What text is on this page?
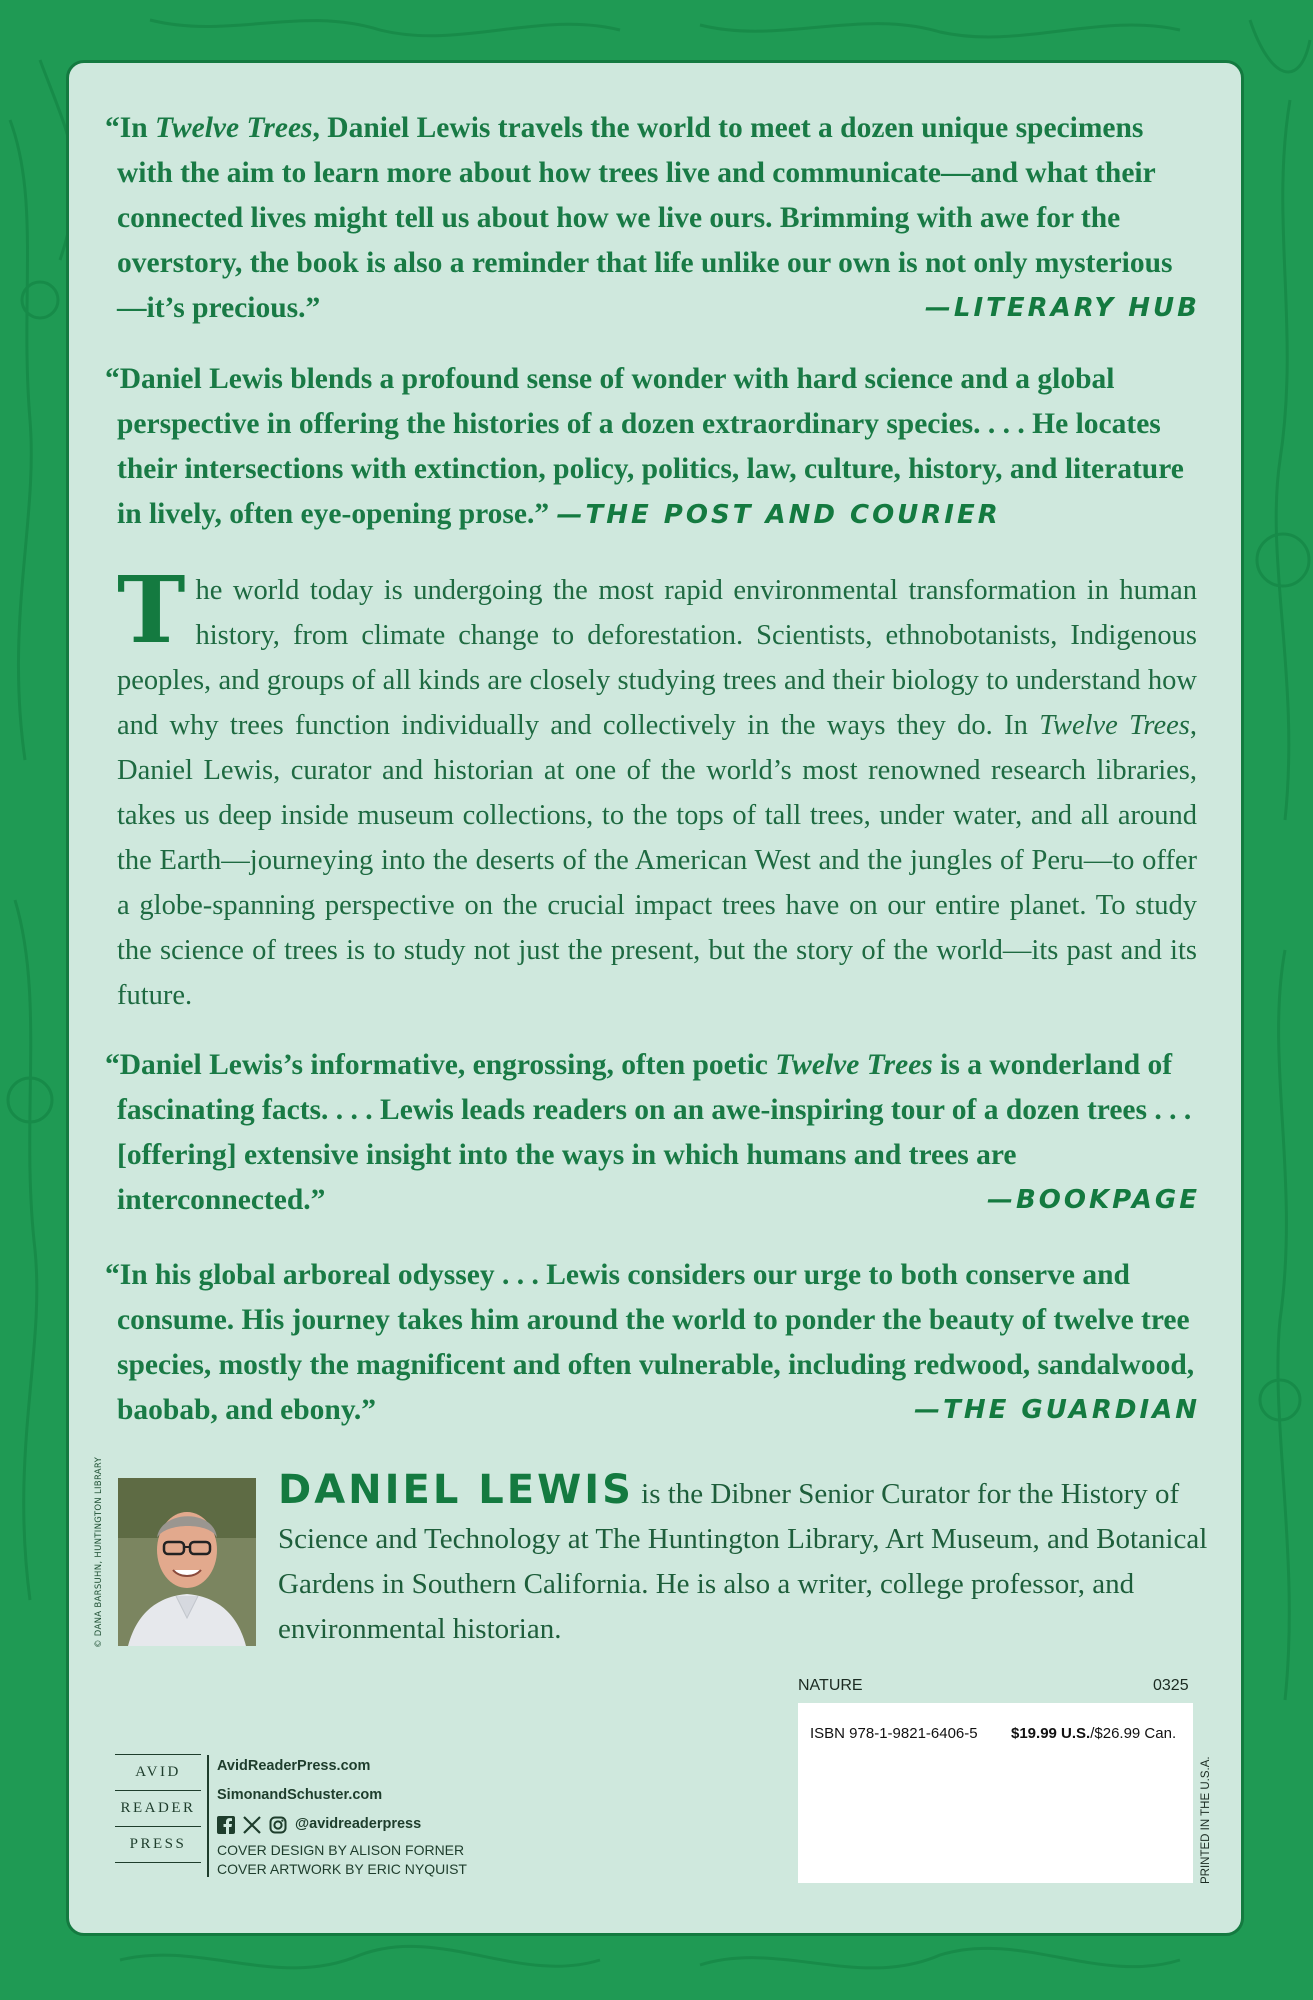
“In Twelve Trees, Daniel Lewis travels the world to meet a dozen unique specimens with the aim to learn more about how trees live and communicate—and what their connected lives might tell us about how we live ours. Brimming with awe for the overstory, the book is also a reminder that life unlike our own is not only mysterious—it’s precious.”	—LITERARY HUB
“Daniel Lewis blends a profound sense of wonder with hard science and a global perspective in offering the histories of a dozen extraordinary species. . . . He locates their intersections with extinction, policy, politics, law, culture, history, and literature in lively, often eye-opening prose.” —THE POST AND COURIER
The world today is undergoing the most rapid environmental transformation in human history, from climate change to deforestation. Scientists, ethnobotanists, Indigenous peoples, and groups of all kinds are closely studying trees and their biology to understand how and why trees function individually and collectively in the ways they do. In Twelve Trees, Daniel Lewis, curator and historian at one of the world’s most renowned research libraries, takes us deep inside museum collections, to the tops of tall trees, under water, and all around the Earth—journeying into the deserts of the American West and the jungles of Peru—to offer a globe-spanning perspective on the crucial impact trees have on our entire planet. To study the science of trees is to study not just the present, but the story of the world—its past and its future.
“Daniel Lewis’s informative, engrossing, often poetic Twelve Trees is a wonderland of fascinating facts. . . . Lewis leads readers on an awe-inspiring tour of a dozen trees . . . [offering] extensive insight into the ways in which humans and trees are interconnected.”	—BOOKPAGE
“In his global arboreal odyssey . . . Lewis considers our urge to both conserve and consume. His journey takes him around the world to ponder the beauty of twelve tree species, mostly the magnificent and often vulnerable, including redwood, sandalwood, baobab, and ebony.”	—THE GUARDIAN
© DANA BARSUHN, HUNTINGTON LIBRARY	DANIEL LEWIS is the Dibner Senior Curator for the History of Science and Technology at The Huntington Library, Art Museum, and Botanical Gardens in Southern California. He is also a writer, college professor, and environmental historian.
AVID
READER
PRESS
AvidReaderPress.com
SimonandSchuster.com
@avidreaderpress
COVER DESIGN BY ALISON FORNER
COVER ARTWORK BY ERIC NYQUIST
NATURE	0325
ISBN 978-1-9821-6406-5 $19.99 U.S./$26.99 Can.
PRINTED IN THE U.S.A.
